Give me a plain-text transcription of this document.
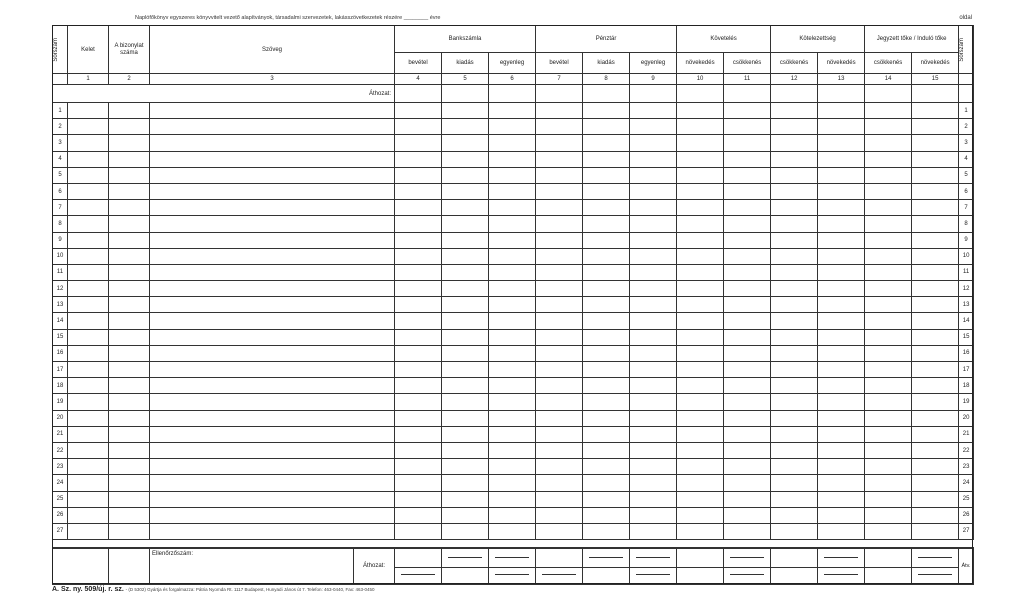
Naplófőkönyv egyszeres könyvvitelt vezető alapítványok, társadalmi szervezetek, lakásszövetkezetek részére ________ évre	oldal
Sorszám	Kelet	A bizonylat száma	Szöveg	Bankszámla			Pénztár			Követelés		Kötelezettség		Jegyzett tőke / Induló tőke		Sorszám

				bevétel	kiadás	egyenleg	bevétel	kiadás	egyenleg	növekedés	csökkenés	csökkenés	növekedés	csökkenés	növekedés	
	1	2	3	4	5	6	7	8	9	10	11	12	13	14	15	
Áthozat:																
1																1
2																2
3																3
4																4
5																5
6																6
7																7
8																8
9																9
10																10
11																11
12																12
13																13
14																14
15																15
16																16
17																17
18																18
19																19
20																20
21																21
22																22
23																23
24																24
25																25
26																26
27																27
		Ellenőrzőszám:	Áthozat:													Átv.

A. Sz. ny. 509/új. r. sz. - (D 5302) Gyártja és forgalmazza: Pátria Nyomda Rt. 1117 Budapest, Hunyadi János út 7. Telefon: 463-0440, Fax: 463-0450
